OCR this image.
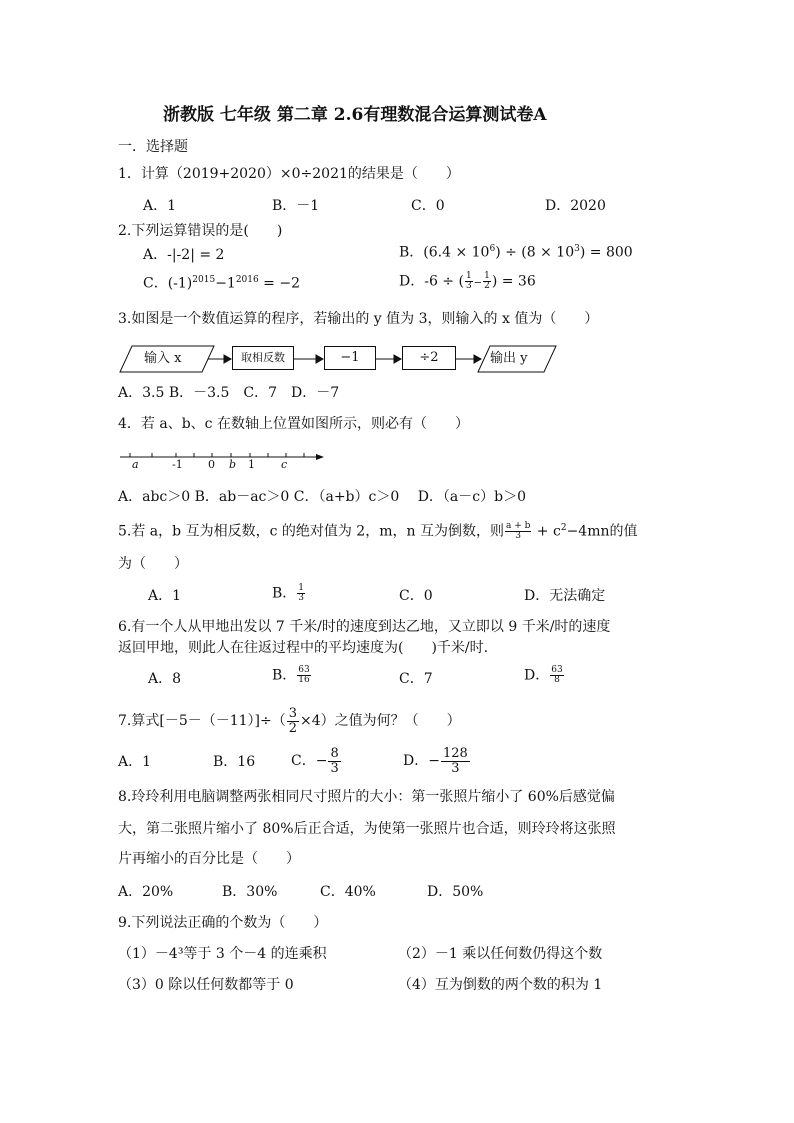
浙教版 七年级 第二章 2.6有理数混合运算测试卷A
一．选择题
1．计算（2019+2020）×0÷2021的结果是（　　）
A．1	B．－1	C．0	D．2020
2.下列运算错误的是(　　)
A．-|-2| = 2	B．$(6.4 \times 10^6) \div (8 \times 10^3) = 800$
C．$(-1)^{2015}-1^{2016} = -2$	D．-6 ÷ ( $\frac{1}{3} - \frac{1}{2}$ ) = 36
3.如图是一个数值运算的程序，若输出的 y 值为 3，则输入的 x 值为（　　）
输入 x	取相反数	−1	÷2	输出 y
A．3.5 B．－3.5　C．7　D．－7
4．若 a、b、c 在数轴上位置如图所示，则必有（　　）
a	-1 0 b 1 c
A．abc＞0 B．ab－ac＞0 C．（a+b）c＞0 　D．（a－c）b＞0
5.若 a，b 互为相反数，c 的绝对值为 2，m，n 互为倒数，则 $\frac{a + b}{3} + c^2-4mn$的值
为（　　）
A．1	B． $\frac{1}{3}$	C．0	D．无法确定
6.有一个人从甲地出发以 7 千米/时的速度到达乙地，又立即以 9 千米/时的速度
返回甲地，则此人在往返过程中的平均速度为(　　)千米/时.
A．8	B． $\frac{63}{16}$	C．7	D． $\frac{63}{8}$
7.算式$[-5-(-11)]\div( \frac{3}{2} \times 4)$之值为何？（　　）
A．1	B．16	C．− $\frac{8}{3}$	D．− $\frac{128}{3}$
8.玲玲利用电脑调整两张相同尺寸照片的大小：第一张照片缩小了 60%后感觉偏
大，第二张照片缩小了 80%后正合适，为使第一张照片也合适，则玲玲将这张照
片再缩小的百分比是（　　）
A．20%	B．30%	C．40%	D．50%
9.下列说法正确的个数为（　　）
（1）－4³等于 3 个－4 的连乘积	（2）－1 乘以任何数仍得这个数
（3）0 除以任何数都等于 0	（4）互为倒数的两个数的积为 1
